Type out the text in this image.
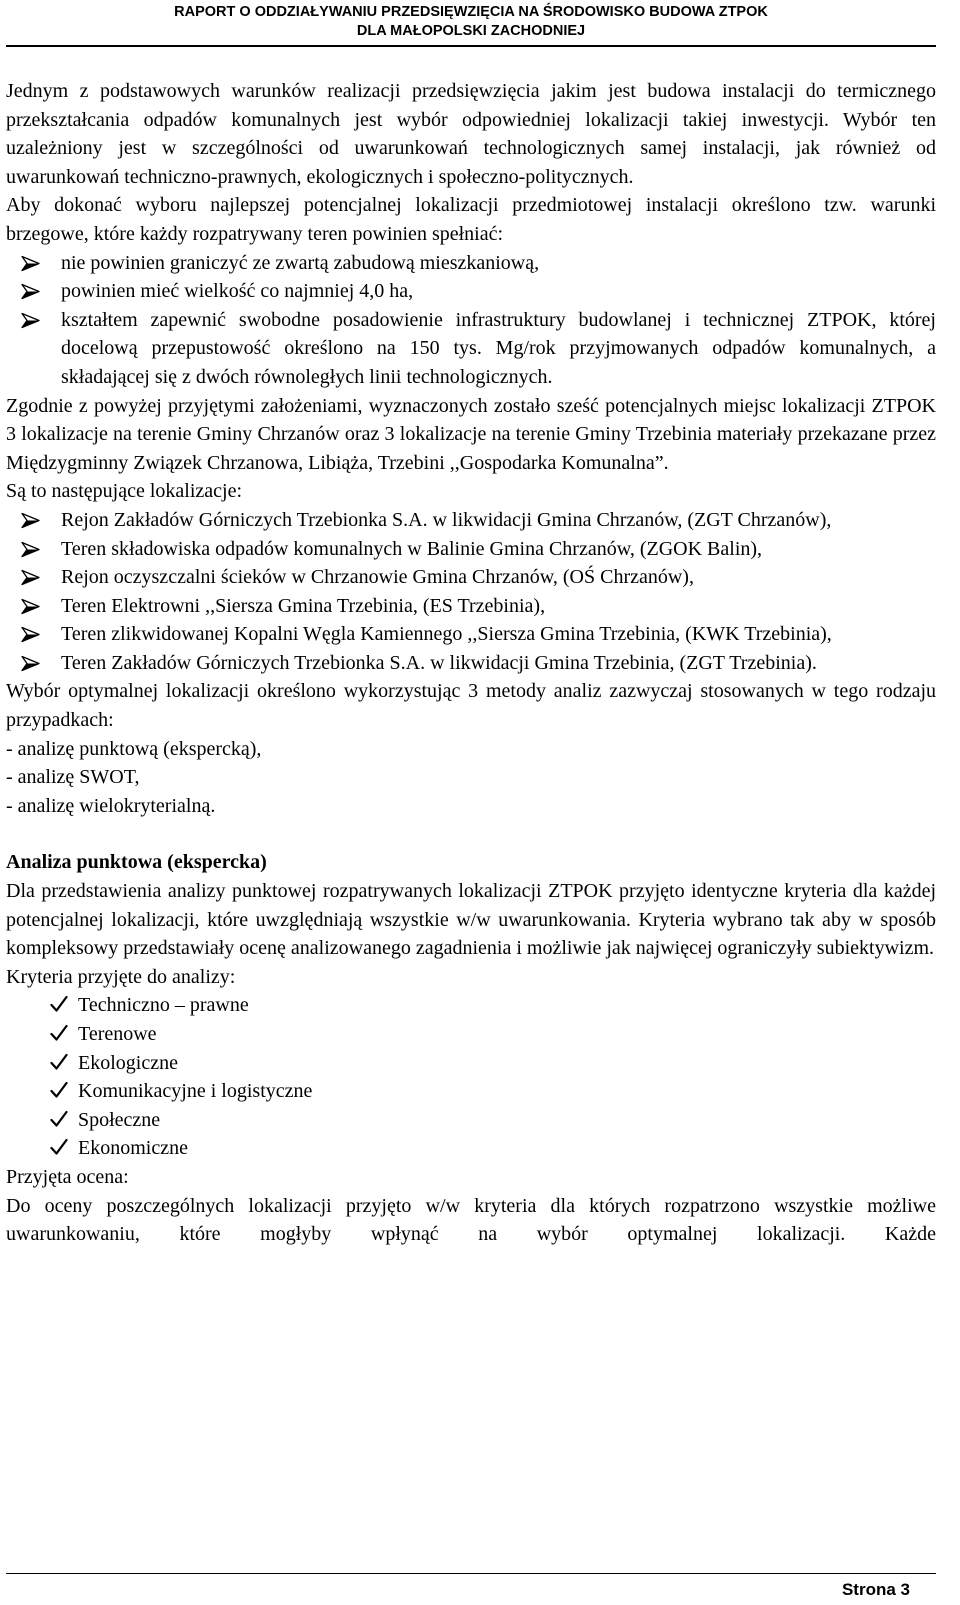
RAPORT O ODDZIAŁYWANIU PRZEDSIĘWZIĘCIA NA ŚRODOWISKO BUDOWA ZTPOK
DLA MAŁOPOLSKI ZACHODNIEJ

Jednym z podstawowych warunków realizacji przedsięwzięcia jakim jest budowa instalacji do termicznego przekształcania odpadów komunalnych jest wybór odpowiedniej lokalizacji takiej inwestycji. Wybór ten uzależniony jest w szczególności od uwarunkowań technologicznych samej instalacji, jak również od uwarunkowań techniczno-prawnych, ekologicznych i społeczno-politycznych.

Aby dokonać wyboru najlepszej potencjalnej lokalizacji przedmiotowej instalacji określono tzw. warunki brzegowe, które każdy rozpatrywany teren powinien spełniać:

nie powinien graniczyć ze zwartą zabudową mieszkaniową,
powinien mieć wielkość co najmniej 4,0 ha,
kształtem zapewnić swobodne posadowienie infrastruktury budowlanej i technicznej ZTPOK, której docelową przepustowość określono na 150 tys. Mg/rok przyjmowanych odpadów komunalnych, a składającej się z dwóch równoległych linii technologicznych.

Zgodnie z powyżej przyjętymi założeniami, wyznaczonych zostało sześć potencjalnych miejsc lokalizacji ZTPOK 3 lokalizacje na terenie Gminy Chrzanów oraz 3 lokalizacje na terenie Gminy Trzebinia materiały przekazane przez Międzygminny Związek Chrzanowa, Libiąża, Trzebini ,,Gospodarka Komunalna”.

Są to następujące lokalizacje:

Rejon Zakładów Górniczych Trzebionka S.A. w likwidacji Gmina Chrzanów, (ZGT Chrzanów),
Teren składowiska odpadów komunalnych w Balinie Gmina Chrzanów, (ZGOK Balin),
Rejon oczyszczalni ścieków w Chrzanowie Gmina Chrzanów, (OŚ Chrzanów),
Teren Elektrowni ,,Siersza Gmina Trzebinia, (ES Trzebinia),
Teren zlikwidowanej Kopalni Węgla Kamiennego ,,Siersza Gmina Trzebinia, (KWK Trzebinia),
Teren Zakładów Górniczych Trzebionka S.A. w likwidacji Gmina Trzebinia, (ZGT Trzebinia).

Wybór optymalnej lokalizacji określono wykorzystując 3 metody analiz zazwyczaj stosowanych w tego rodzaju przypadkach:

- analizę punktową (ekspercką),

- analizę SWOT,

- analizę wielokryterialną.

Analiza punktowa (ekspercka)

Dla przedstawienia analizy punktowej rozpatrywanych lokalizacji ZTPOK przyjęto identyczne kryteria dla każdej potencjalnej lokalizacji, które uwzględniają wszystkie w/w uwarunkowania. Kryteria wybrano tak aby w sposób kompleksowy przedstawiały ocenę analizowanego zagadnienia i możliwie jak najwięcej ograniczyły subiektywizm.

Kryteria przyjęte do analizy:

Techniczno – prawne
Terenowe
Ekologiczne
Komunikacyjne i logistyczne
Społeczne
Ekonomiczne

Przyjęta ocena:

Do oceny poszczególnych lokalizacji przyjęto w/w kryteria dla których rozpatrzono wszystkie możliwe uwarunkowaniu, które mogłyby wpłynąć na wybór optymalnej lokalizacji. Każde

Strona 3
